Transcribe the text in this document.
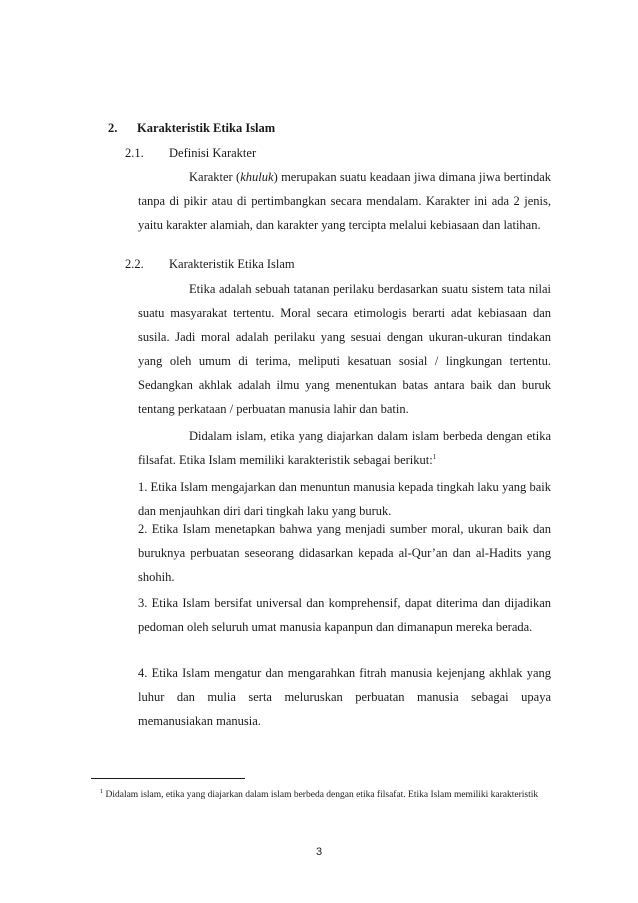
2. Karakteristik Etika Islam
2.1. Definisi Karakter

Karakter (khuluk) merupakan suatu keadaan jiwa dimana jiwa bertindak tanpa di pikir atau di pertimbangkan secara mendalam. Karakter ini ada 2 jenis, yaitu karakter alamiah, dan karakter yang tercipta melalui kebiasaan dan latihan.

2.2. Karakteristik Etika Islam

Etika adalah sebuah tatanan perilaku berdasarkan suatu sistem tata nilai suatu masyarakat tertentu. Moral secara etimologis berarti adat kebiasaan dan susila. Jadi moral adalah perilaku yang sesuai dengan ukuran-ukuran tindakan yang oleh umum di terima, meliputi kesatuan sosial / lingkungan tertentu. Sedangkan akhlak adalah ilmu yang menentukan batas antara baik dan buruk tentang perkataan / perbuatan manusia lahir dan batin.

Didalam islam, etika yang diajarkan dalam islam berbeda dengan etika filsafat. Etika Islam memiliki karakteristik sebagai berikut:$^1$

1. Etika Islam mengajarkan dan menuntun manusia kepada tingkah laku yang baik dan menjauhkan diri dari tingkah laku yang buruk.

2. Etika Islam menetapkan bahwa yang menjadi sumber moral, ukuran baik dan buruknya perbuatan seseorang didasarkan kepada al-Qur’an dan al-Hadits yang shohih.

3. Etika Islam bersifat universal dan komprehensif, dapat diterima dan dijadikan pedoman oleh seluruh umat manusia kapanpun dan dimanapun mereka berada.

4. Etika Islam mengatur dan mengarahkan fitrah manusia kejenjang akhlak yang luhur dan mulia serta meluruskan perbuatan manusia sebagai upaya memanusiakan manusia.

$^1$ Didalam islam, etika yang diajarkan dalam islam berbeda dengan etika filsafat. Etika Islam memiliki karakteristik
3
